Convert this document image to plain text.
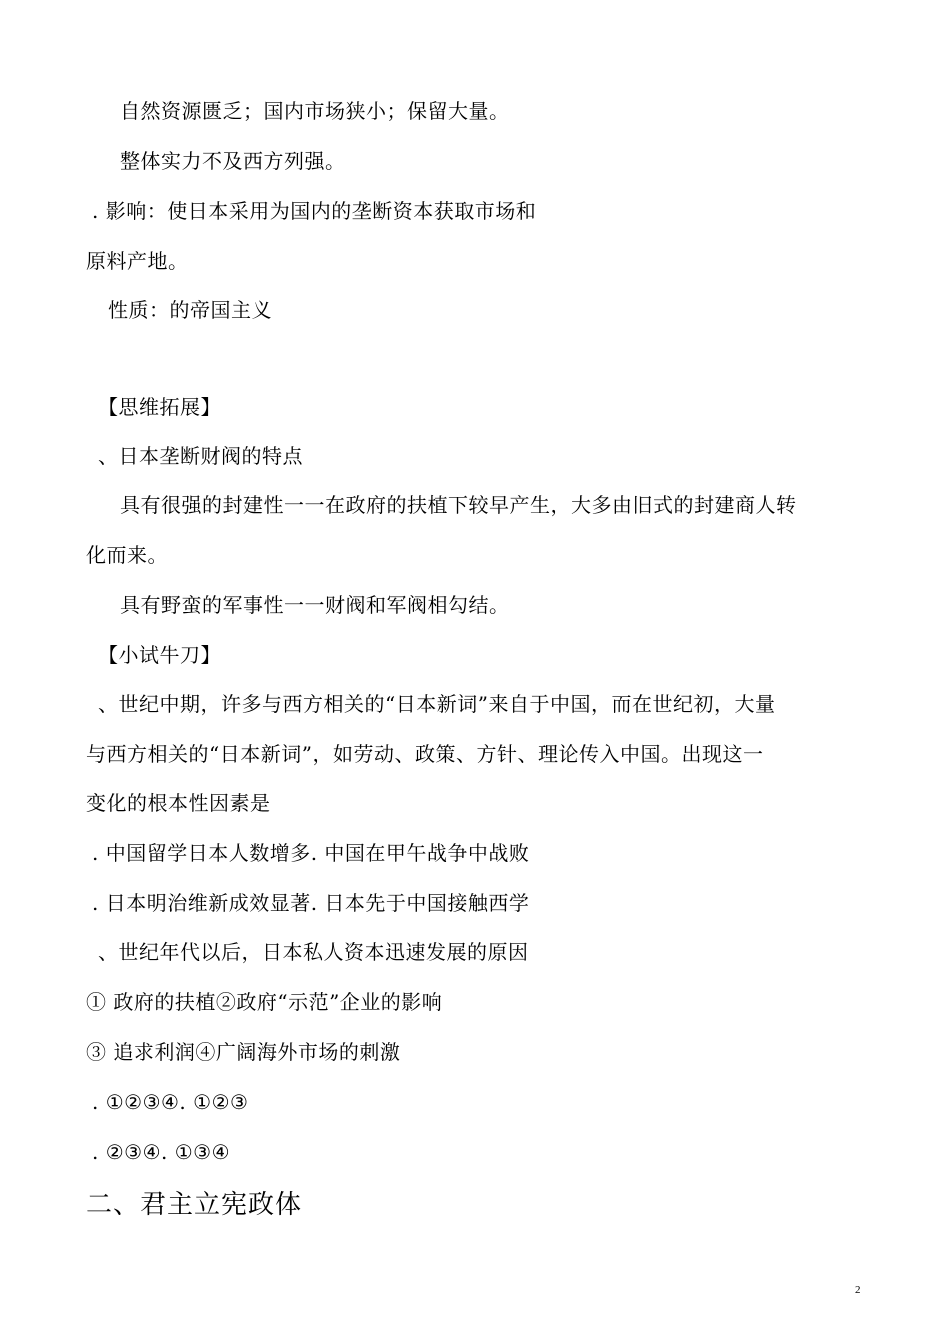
自然资源匮乏；国内市场狭小；保留大量。
整体实力不及西方列强。
. 影响：使日本采用为国内的垄断资本获取市场和
原料产地。
性质：的帝国主义
【思维拓展】
、日本垄断财阀的特点
具有很强的封建性一一在政府的扶植下较早产生，大多由旧式的封建商人转
化而来。
具有野蛮的军事性一一财阀和军阀相勾结。
【小试牛刀】
、世纪中期，许多与西方相关的“日本新词”来自于中国，而在世纪初，大量
与西方相关的“日本新词”，如劳动、政策、方针、理论传入中国。出现这一
变化的根本性因素是
. 中国留学日本人数增多. 中国在甲午战争中战败
. 日本明治维新成效显著. 日本先于中国接触西学
、世纪年代以后，日本私人资本迅速发展的原因
① 政府的扶植②政府“示范”企业的影响
③ 追求利润④广阔海外市场的刺激
. ①②③④. ①②③
. ②③④. ①③④
二、君主立宪政体
2
